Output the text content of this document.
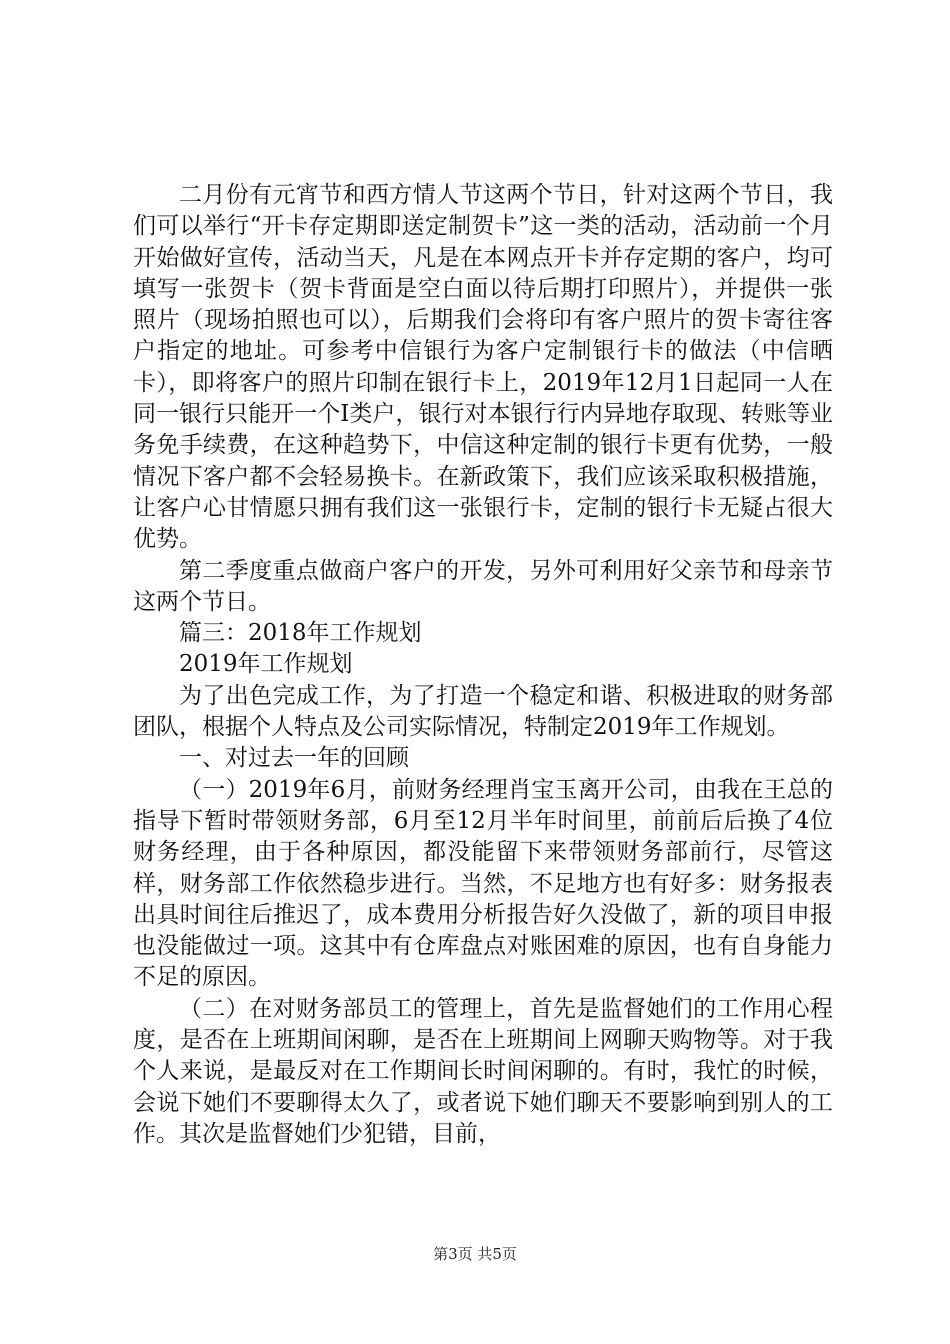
二月份有元宵节和西方情人节这两个节日，针对这两个节日，我们可以举行“开卡存定期即送定制贺卡”这一类的活动，活动前一个月开始做好宣传，活动当天，凡是在本网点开卡并存定期的客户，均可填写一张贺卡（贺卡背面是空白面以待后期打印照片），并提供一张照片（现场拍照也可以），后期我们会将印有客户照片的贺卡寄往客户指定的地址。可参考中信银行为客户定制银行卡的做法（中信晒卡），即将客户的照片印制在银行卡上，2019年12月1日起同一人在同一银行只能开一个Ⅰ类户，银行对本银行行内异地存取现、转账等业务免手续费，在这种趋势下，中信这种定制的银行卡更有优势，一般情况下客户都不会轻易换卡。在新政策下，我们应该采取积极措施，让客户心甘情愿只拥有我们这一张银行卡，定制的银行卡无疑占很大优势。

第二季度重点做商户客户的开发，另外可利用好父亲节和母亲节这两个节日。

篇三：2018年工作规划

2019年工作规划

为了出色完成工作，为了打造一个稳定和谐、积极进取的财务部团队，根据个人特点及公司实际情况，特制定2019年工作规划。

一、对过去一年的回顾

（一）2019年6月，前财务经理肖宝玉离开公司，由我在王总的指导下暂时带领财务部，6月至12月半年时间里，前前后后换了4位财务经理，由于各种原因，都没能留下来带领财务部前行，尽管这样，财务部工作依然稳步进行。当然，不足地方也有好多：财务报表出具时间往后推迟了，成本费用分析报告好久没做了，新的项目申报也没能做过一项。这其中有仓库盘点对账困难的原因，也有自身能力不足的原因。

（二）在对财务部员工的管理上，首先是监督她们的工作用心程度，是否在上班期间闲聊，是否在上班期间上网聊天购物等。对于我个人来说，是最反对在工作期间长时间闲聊的。有时，我忙的时候，会说下她们不要聊得太久了，或者说下她们聊天不要影响到别人的工作。其次是监督她们少犯错，目前，

第3页 共5页
